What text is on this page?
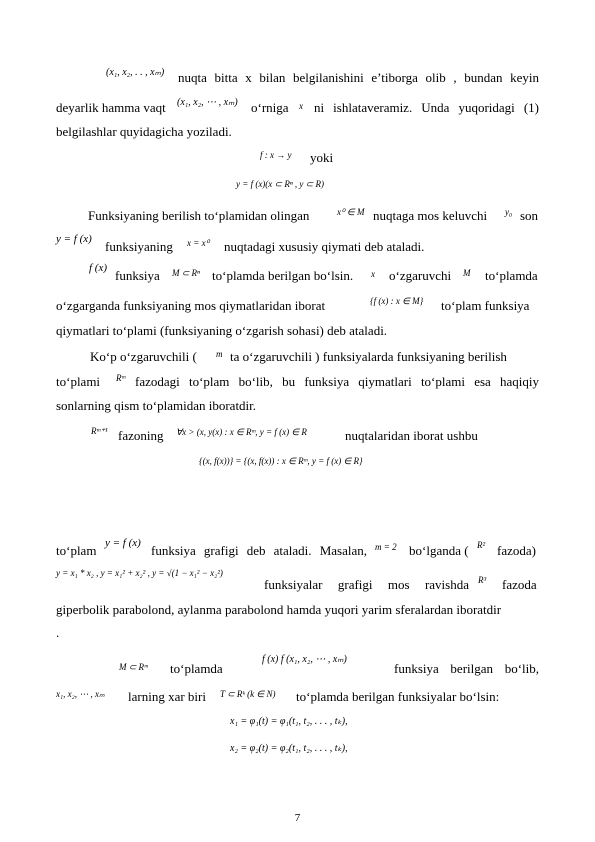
(x₁, x₂, . . , xₘ) nuqta bitta x bilan belgilanishini e’tiborga olib , bundan keyin
deyarlik hamma vaqt (x₁, x₂, ⋯ , xₘ) o‘rniga x ni ishlataveramiz. Unda yuqoridagi (1)
belgilashlar quyidagicha yoziladi.
f : x → y yoki
y = f (x)(x ⊂ Rⁿ , y ⊂ R)
Funksiyaning berilish to‘plamidan olingan	x⁰ ∈ M nuqtaga mos keluvchi y₀ son
y = f (x) funksiyaning x = x⁰ nuqtadagi xususiy qiymati deb ataladi.
f (x) funksiya M ⊂ Rⁿ to‘plamda berilgan bo‘lsin. x o‘zgaruvchi M to‘plamda
o‘zgarganda funksiyaning mos qiymatlaridan iborat	{f (x) : x ∈ M} to‘plam funksiya
qiymatlari to‘plami (funksiyaning o‘zgarish sohasi) deb ataladi.
Ko‘p o‘zgaruvchili ( m ta o‘zgaruvchili ) funksiyalarda funksiyaning berilish
to‘plami Rᵐ fazodagi to‘plam bo‘lib, bu funksiya qiymatlari to‘plami esa haqiqiy
sonlarning qism to‘plamidan iboratdir.
Rᵐ⁺¹ fazoning ∀x > (x, y(x) : x ∈ Rᵐ, y = f (x) ∈ R	nuqtalaridan iborat ushbu
{(x, f(x))} = {(x, f(x)) : x ∈ Rᵐ, y = f (x) ∈ R}
to‘plam y = f (x) funksiya grafigi deb ataladi. Masalan, m = 2 bo‘lganda ( R² fazoda)
y = x₁ * x₂ , y = x₁² + x₂² , y = √(1 − x₁² − x₂²)
funksiyalar grafigi mos ravishda R³ fazoda
giperbolik parabolond, aylanma parabolond hamda yuqori yarim sferalardan iboratdir
.
M ⊂ Rᵐ to‘plamda
f (x) f (x₁, x₂, ⋯ , xₘ)
funksiya berilgan bo‘lib,
x₁, x₂, ⋯ , xₘ larning xar biri T ⊂ Rᵏ (k ∈ N) to‘plamda berilgan funksiyalar bo‘lsin:
x₁ = φ₁(t) = φ₁(t₁, t₂, . . . , tₖ),
x₂ = φ₂(t) = φ₂(t₁, t₂, . . . , tₖ),
7
